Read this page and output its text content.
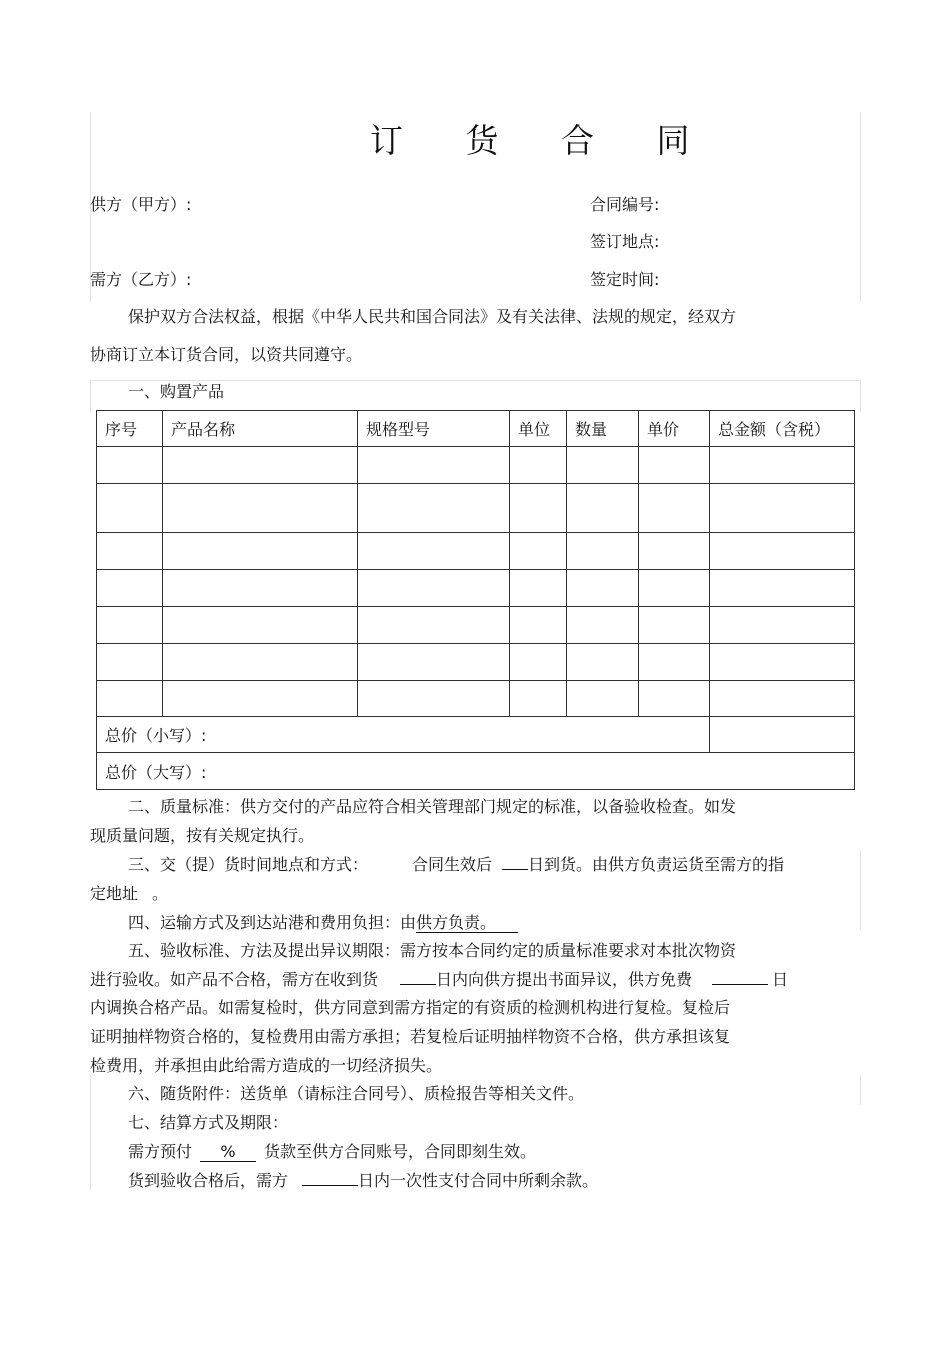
订 货 合 同
供方（甲方）:	合同编号:
签订地点:
需方（乙方）:	签定时间:
保护双方合法权益，根据《中华人民共和国合同法》及有关法律、法规的规定，经双方
协商订立本订货合同，以资共同遵守。
一、购置产品
序号	产品名称	规格型号	单位	数量	单价	总金额（含税）

总价（小写）:						
总价（大写）:						
二、质量标准：供方交付的产品应符合相关管理部门规定的标准，以备验收检查。如发
现质量问题，按有关规定执行。
三、交（提）货时间地点和方式：	合同生效后 日到货。由供方负责运货至需方的指
定地址 。
四、运输方式及到达站港和费用负担：由供方负责。
五、验收标准、方法及提出异议期限：需方按本合同约定的质量标准要求对本批次物资
进行验收。如产品不合格，需方在收到货	日内向供方提出书面异议，供方免费	日
内调换合格产品。如需复检时，供方同意到需方指定的有资质的检测机构进行复检。复检后
证明抽样物资合格的，复检费用由需方承担；若复检后证明抽样物资不合格，供方承担该复
检费用，并承担由此给需方造成的一切经济损失。
六、随货附件：送货单（请标注合同号）、质检报告等相关文件。
七、结算方式及期限：
需方预付 % 货款至供方合同账号，合同即刻生效。
货到验收合格后，需方	日内一次性支付合同中所剩余款。
